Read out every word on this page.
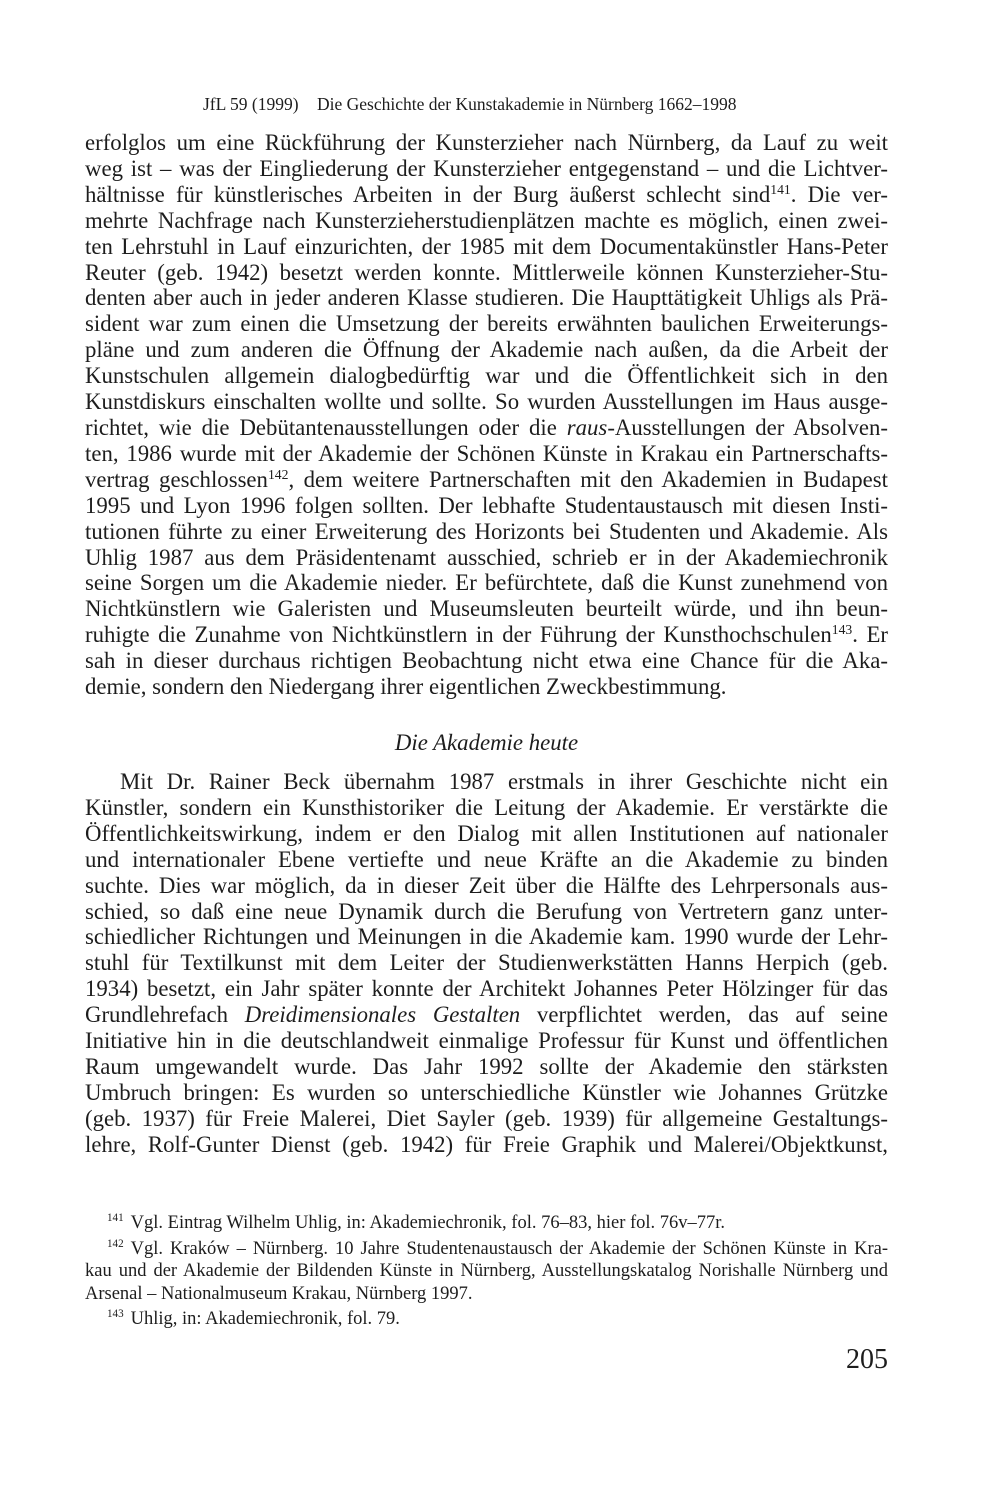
JfL 59 (1999) Die Geschichte der Kunstakademie in Nürnberg 1662–1998
erfolglos um eine Rückführung der Kunsterzieher nach Nürnberg, da Lauf zu weit
weg ist – was der Eingliederung der Kunsterzieher entgegenstand – und die Lichtver-
hältnisse für künstlerisches Arbeiten in der Burg äußerst schlecht sind$^{141}$. Die ver-
mehrte Nachfrage nach Kunsterzieherstudienplätzen machte es möglich, einen zwei-
ten Lehrstuhl in Lauf einzurichten, der 1985 mit dem Documentakünstler Hans-Peter
Reuter (geb. 1942) besetzt werden konnte. Mittlerweile können Kunsterzieher-Stu-
denten aber auch in jeder anderen Klasse studieren. Die Haupttätigkeit Uhligs als Prä-
sident war zum einen die Umsetzung der bereits erwähnten baulichen Erweiterungs-
pläne und zum anderen die Öffnung der Akademie nach außen, da die Arbeit der
Kunstschulen allgemein dialogbedürftig war und die Öffentlichkeit sich in den
Kunstdiskurs einschalten wollte und sollte. So wurden Ausstellungen im Haus ausge-
richtet, wie die Debütantenausstellungen oder die raus-Ausstellungen der Absolven-
ten, 1986 wurde mit der Akademie der Schönen Künste in Krakau ein Partnerschafts-
vertrag geschlossen$^{142}$, dem weitere Partnerschaften mit den Akademien in Budapest
1995 und Lyon 1996 folgen sollten. Der lebhafte Studentaustausch mit diesen Insti-
tutionen führte zu einer Erweiterung des Horizonts bei Studenten und Akademie. Als
Uhlig 1987 aus dem Präsidentenamt ausschied, schrieb er in der Akademiechronik
seine Sorgen um die Akademie nieder. Er befürchtete, daß die Kunst zunehmend von
Nichtkünstlern wie Galeristen und Museumsleuten beurteilt würde, und ihn beun-
ruhigte die Zunahme von Nichtkünstlern in der Führung der Kunsthochschulen$^{143}$. Er
sah in dieser durchaus richtigen Beobachtung nicht etwa eine Chance für die Aka-
demie, sondern den Niedergang ihrer eigentlichen Zweckbestimmung.
Die Akademie heute
Mit Dr. Rainer Beck übernahm 1987 erstmals in ihrer Geschichte nicht ein
Künstler, sondern ein Kunsthistoriker die Leitung der Akademie. Er verstärkte die
Öffentlichkeitswirkung, indem er den Dialog mit allen Institutionen auf nationaler
und internationaler Ebene vertiefte und neue Kräfte an die Akademie zu binden
suchte. Dies war möglich, da in dieser Zeit über die Hälfte des Lehrpersonals aus-
schied, so daß eine neue Dynamik durch die Berufung von Vertretern ganz unter-
schiedlicher Richtungen und Meinungen in die Akademie kam. 1990 wurde der Lehr-
stuhl für Textilkunst mit dem Leiter der Studienwerkstätten Hanns Herpich (geb.
1934) besetzt, ein Jahr später konnte der Architekt Johannes Peter Hölzinger für das
Grundlehrefach Dreidimensionales Gestalten verpflichtet werden, das auf seine
Initiative hin in die deutschlandweit einmalige Professur für Kunst und öffentlichen
Raum umgewandelt wurde. Das Jahr 1992 sollte der Akademie den stärksten
Umbruch bringen: Es wurden so unterschiedliche Künstler wie Johannes Grützke
(geb. 1937) für Freie Malerei, Diet Sayler (geb. 1939) für allgemeine Gestaltungs-
lehre, Rolf-Gunter Dienst (geb. 1942) für Freie Graphik und Malerei/Objektkunst,
$^{141}$ Vgl. Eintrag Wilhelm Uhlig, in: Akademiechronik, fol. 76–83, hier fol. 76v–77r.
$^{142}$ Vgl. Kraków – Nürnberg. 10 Jahre Studentenaustausch der Akademie der Schönen Künste in Kra-
kau und der Akademie der Bildenden Künste in Nürnberg, Ausstellungskatalog Norishalle Nürnberg und
Arsenal – Nationalmuseum Krakau, Nürnberg 1997.
$^{143}$ Uhlig, in: Akademiechronik, fol. 79.
205
